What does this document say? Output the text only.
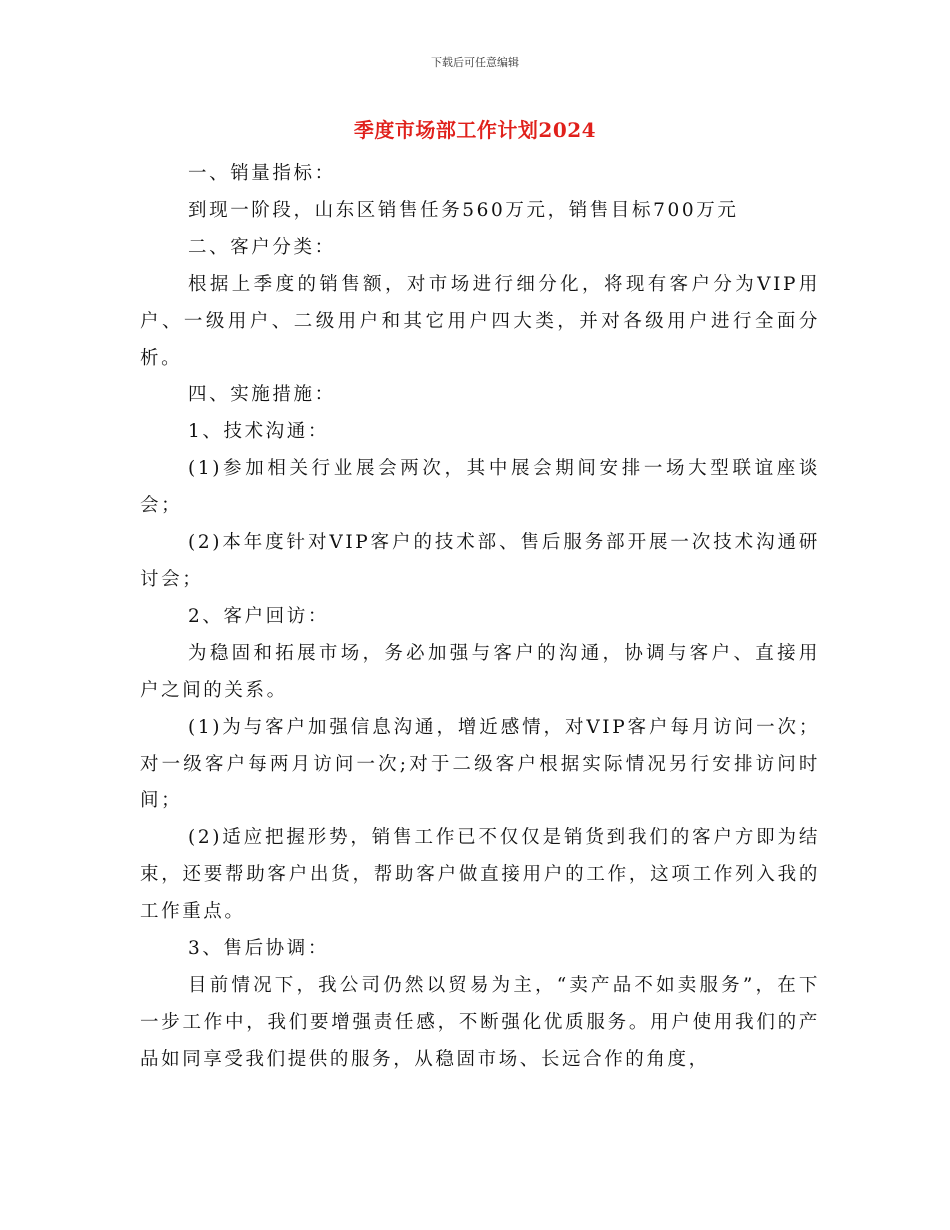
下载后可任意编辑
季度市场部工作计划2024

一、销量指标：

到现一阶段，山东区销售任务560万元，销售目标700万元

二、客户分类：

根据上季度的销售额，对市场进行细分化，将现有客户分为VIP用户、一级用户、二级用户和其它用户四大类，并对各级用户进行全面分析。

四、实施措施：

1、技术沟通：

(1)参加相关行业展会两次，其中展会期间安排一场大型联谊座谈会；

(2)本年度针对VIP客户的技术部、售后服务部开展一次技术沟通研讨会；

2、客户回访：

为稳固和拓展市场，务必加强与客户的沟通，协调与客户、直接用户之间的关系。

(1)为与客户加强信息沟通，增近感情，对VIP客户每月访问一次；对一级客户每两月访问一次;对于二级客户根据实际情况另行安排访问时间；

(2)适应把握形势，销售工作已不仅仅是销货到我们的客户方即为结束，还要帮助客户出货，帮助客户做直接用户的工作，这项工作列入我的工作重点。

3、售后协调：

目前情况下，我公司仍然以贸易为主，“卖产品不如卖服务”，在下一步工作中，我们要增强责任感，不断强化优质服务。用户使用我们的产品如同享受我们提供的服务，从稳固市场、长远合作的角度，
